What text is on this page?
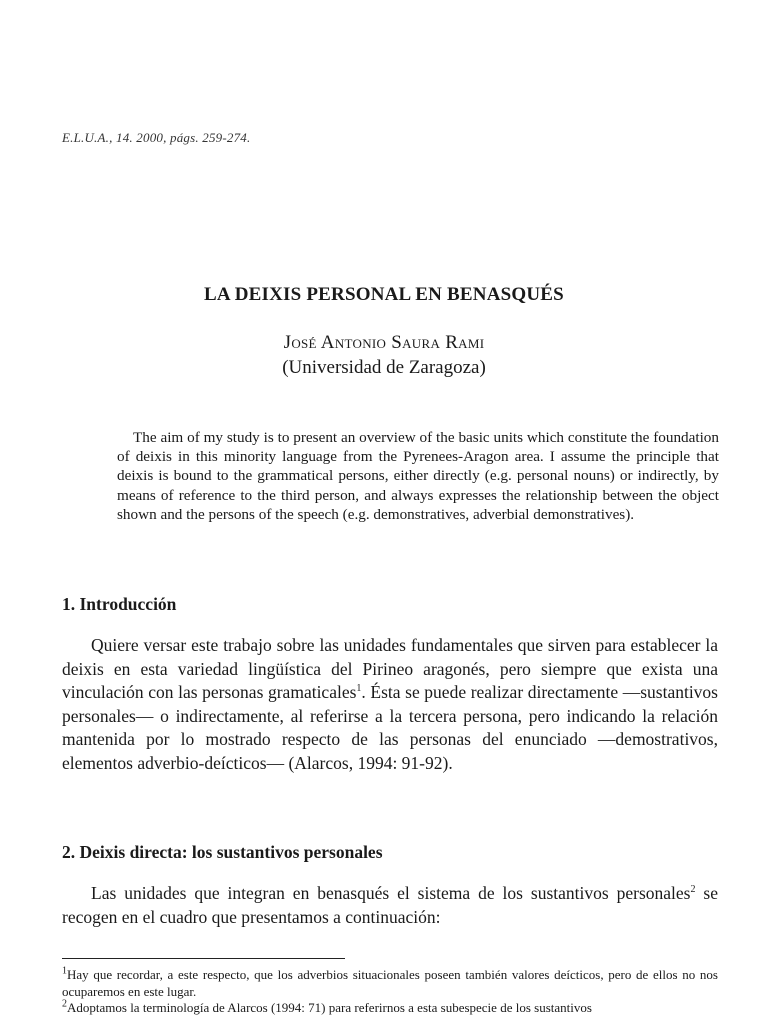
E.L.U.A., 14. 2000, págs. 259-274.
LA DEIXIS PERSONAL EN BENASQUÉS
José Antonio Saura Rami
(Universidad de Zaragoza)

The aim of my study is to present an overview of the basic units which constitute the foundation of deixis in this minority language from the Pyrenees-Aragon area. I assume the principle that deixis is bound to the grammatical persons, either directly (e.g. personal nouns) or indirectly, by means of reference to the third person, and always expresses the relationship between the object shown and the persons of the speech (e.g. demonstratives, adverbial demonstratives).

1. Introducción

Quiere versar este trabajo sobre las unidades fundamentales que sirven para establecer la deixis en esta variedad lingüística del Pirineo aragonés, pero siempre que exista una vinculación con las personas gramaticales$^1$. Ésta se puede realizar directamente —sustantivos personales— o indirectamente, al referirse a la tercera persona, pero indicando la relación mantenida por lo mostrado respecto de las personas del enunciado —demostrativos, elementos adverbio-deícticos— (Alarcos, 1994: 91-92).

2. Deixis directa: los sustantivos personales

Las unidades que integran en benasqués el sistema de los sustantivos personales$^2$ se recogen en el cuadro que presentamos a continuación:

$^1$Hay que recordar, a este respecto, que los adverbios situacionales poseen también valores deícticos, pero de ellos no nos ocuparemos en este lugar.

$^2$Adoptamos la terminología de Alarcos (1994: 71) para referirnos a esta subespecie de los sustantivos
